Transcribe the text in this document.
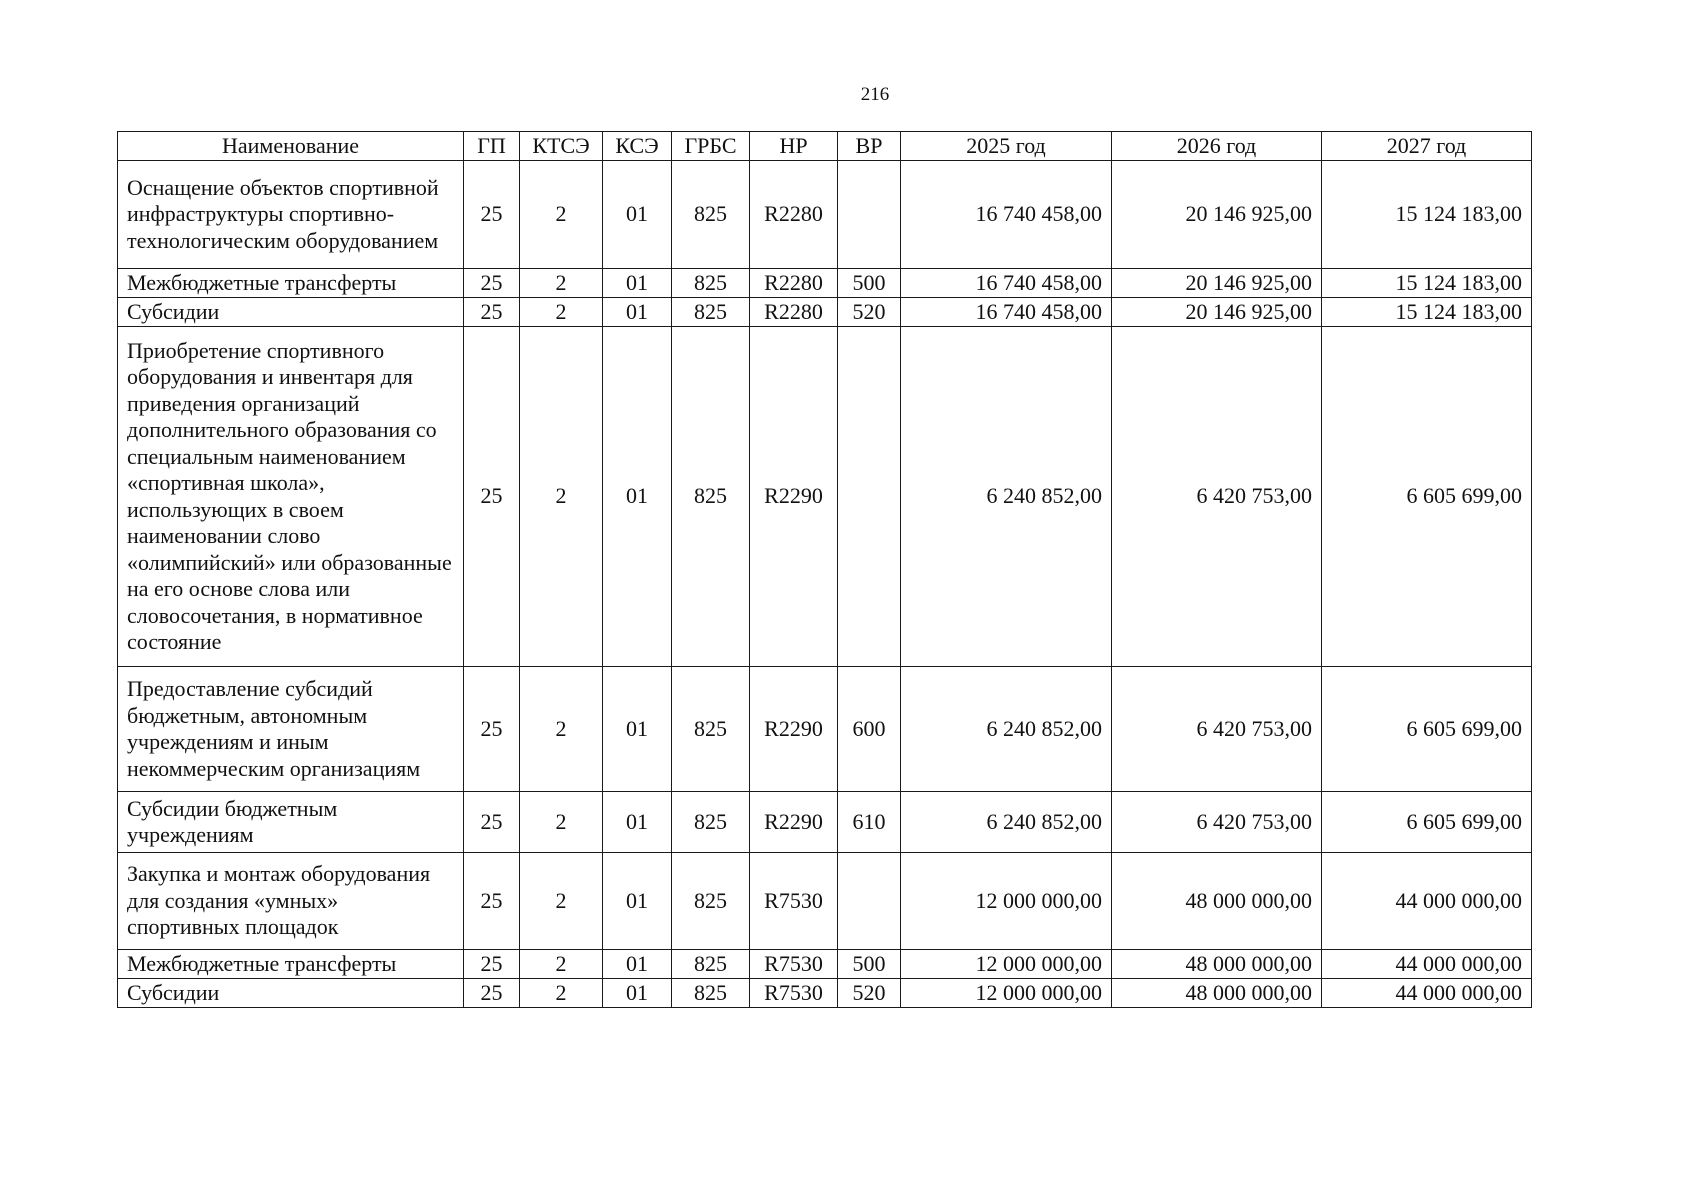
216
Наименование	ГП	КТСЭ	КСЭ	ГРБС	НР	ВР	2025 год	2026 год	2027 год
Оснащение объектов спортивной инфраструктуры спортивно-технологическим оборудованием	25	2	01	825	R2280		16 740 458,00	20 146 925,00	15 124 183,00
Межбюджетные трансферты	25	2	01	825	R2280	500	16 740 458,00	20 146 925,00	15 124 183,00
Субсидии	25	2	01	825	R2280	520	16 740 458,00	20 146 925,00	15 124 183,00
Приобретение спортивного оборудования и инвентаря для приведения организаций дополнительного образования со специальным наименованием «спортивная школа», использующих в своем наименовании слово «олимпийский» или образованные на его основе слова или словосочетания, в нормативное состояние	25	2	01	825	R2290		6 240 852,00	6 420 753,00	6 605 699,00
Предоставление субсидий бюджетным, автономным учреждениям и иным некоммерческим организациям	25	2	01	825	R2290	600	6 240 852,00	6 420 753,00	6 605 699,00
Субсидии бюджетным учреждениям	25	2	01	825	R2290	610	6 240 852,00	6 420 753,00	6 605 699,00
Закупка и монтаж оборудования для создания «умных» спортивных площадок	25	2	01	825	R7530		12 000 000,00	48 000 000,00	44 000 000,00
Межбюджетные трансферты	25	2	01	825	R7530	500	12 000 000,00	48 000 000,00	44 000 000,00
Субсидии	25	2	01	825	R7530	520	12 000 000,00	48 000 000,00	44 000 000,00
